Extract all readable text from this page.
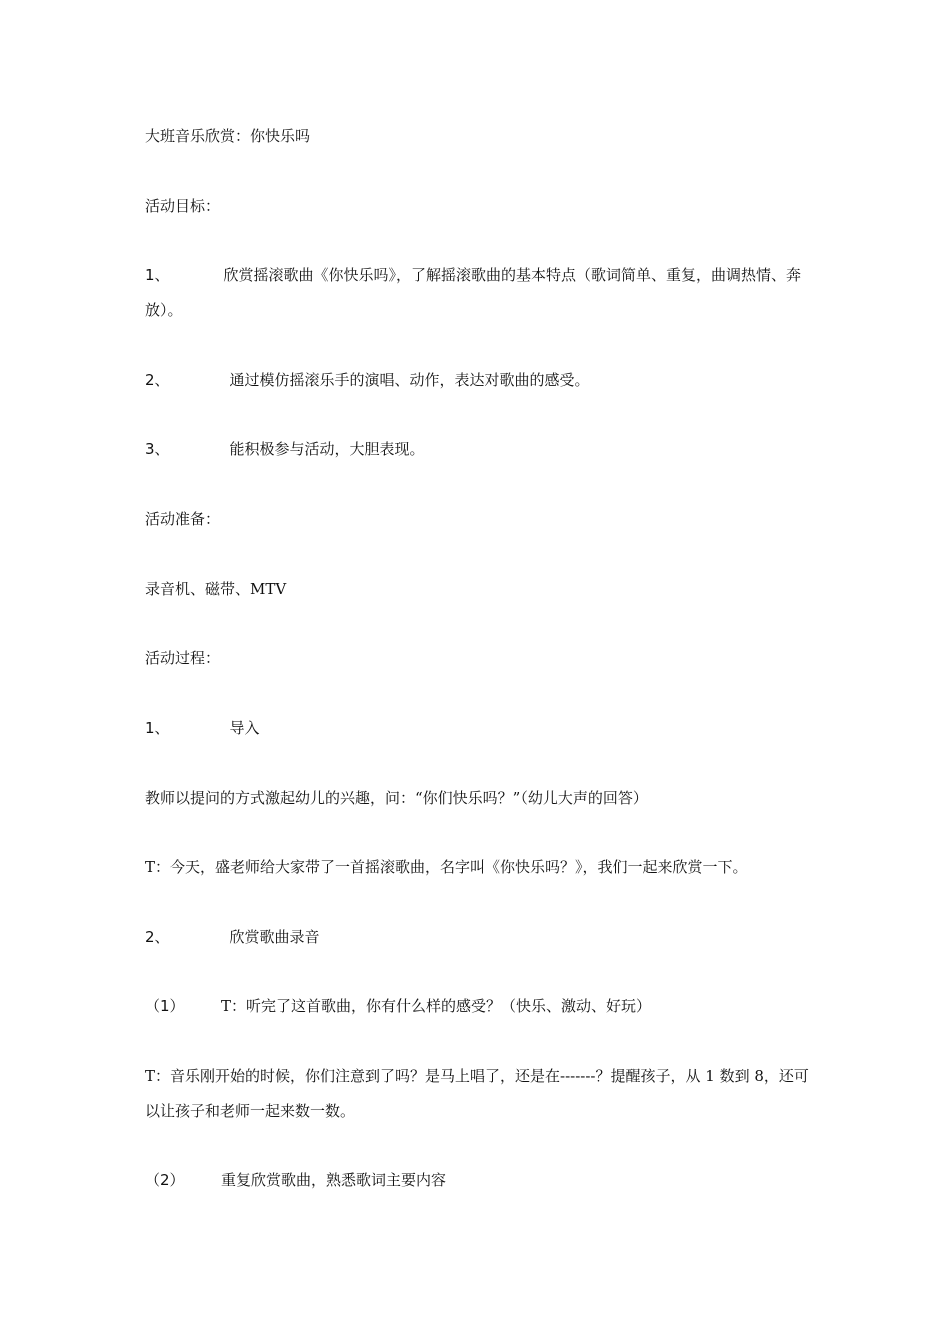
大班音乐欣赏：你快乐吗
活动目标：
1、	欣赏摇滚歌曲《你快乐吗》，了解摇滚歌曲的基本特点（歌词简单、重复，曲调热情、奔放）。
2、	通过模仿摇滚乐手的演唱、动作，表达对歌曲的感受。
3、	能积极参与活动，大胆表现。
活动准备：
录音机、磁带、MTV
活动过程：
1、	导入
教师以提问的方式激起幼儿的兴趣，问：“你们快乐吗？”（幼儿大声的回答）
T：今天，盛老师给大家带了一首摇滚歌曲，名字叫《你快乐吗？》，我们一起来欣赏一下。
2、	欣赏歌曲录音
（1） T：听完了这首歌曲，你有什么样的感受？（快乐、激动、好玩）
T：音乐刚开始的时候，你们注意到了吗？是马上唱了，还是在-------？提醒孩子，从 1 数到 8，还可以让孩子和老师一起来数一数。
（2） 重复欣赏歌曲，熟悉歌词主要内容
